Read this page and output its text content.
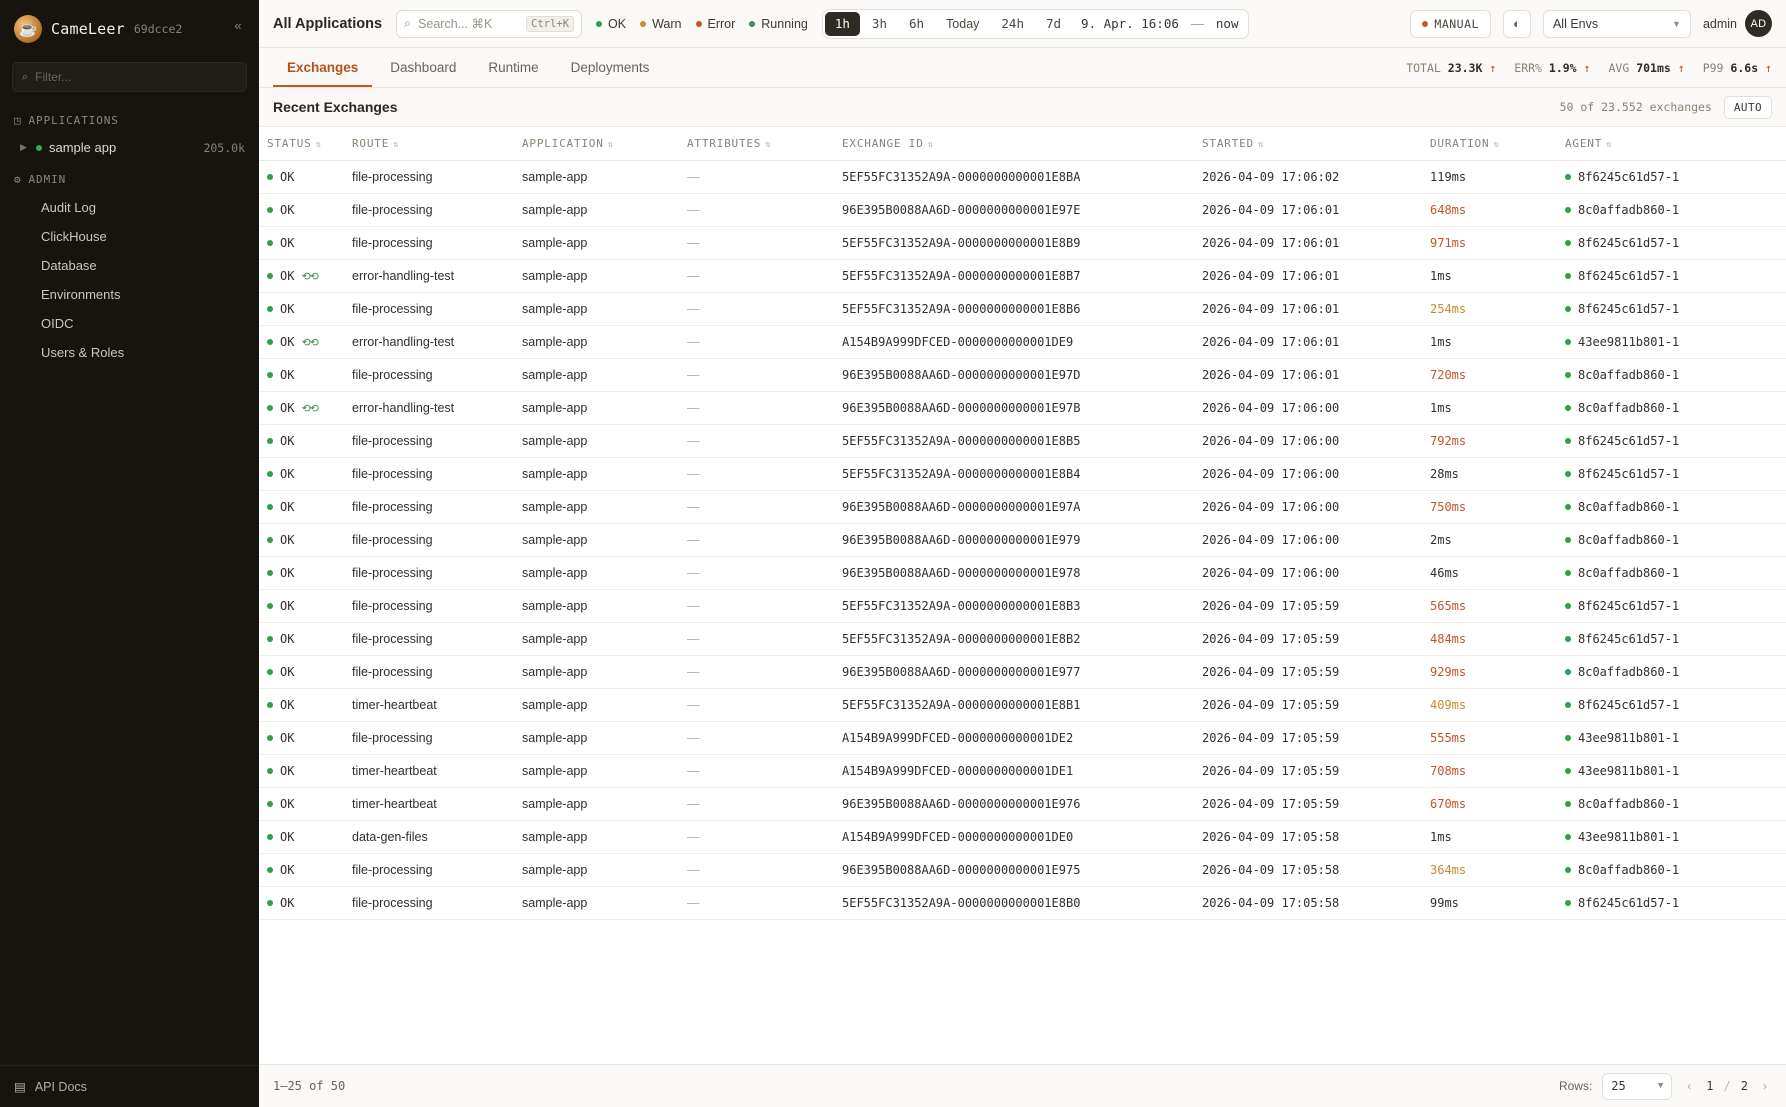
☕ CameLeer 69dcce2	«
⌕
Filter...
◳ APPLICATIONS
▶ sample app	205.0k
⚙ ADMIN
Audit Log
ClickHouse
Database
Environments
OIDC
Users & Roles
▤ API Docs
All Applications ⌕ Search... ⌘K	Ctrl+K	OK Warn Error Running	1h	3h	6h	Today	24h	7d	9. Apr. 16:06 — now	MANUAL	◐	All Envs	▼ admin	AD
Exchanges	Dashboard	Runtime	Deployments	TOTAL 23.3K ↑ ERR% 1.9% ↑ AVG 701ms ↑ P99 6.6s ↑
Recent Exchanges	50 of 23.552 exchanges	AUTO
STATUS ⇅	ROUTE ⇅	APPLICATION ⇅	ATTRIBUTES ⇅	EXCHANGE ID ⇅	STARTED ⇅	DURATION ⇅	AGENT ⇅

OK	file-processing	sample-app	—	5EF55FC31352A9A-0000000000001E8BA	2026-04-09 17:06:02	119ms	8f6245c61d57-1

OK	file-processing	sample-app	—	96E395B0088AA6D-0000000000001E97E	2026-04-09 17:06:01	648ms	8c0affadb860-1

OK	file-processing	sample-app	—	5EF55FC31352A9A-0000000000001E8B9	2026-04-09 17:06:01	971ms	8f6245c61d57-1

OK ⟲⟲	error-handling-test	sample-app	—	5EF55FC31352A9A-0000000000001E8B7	2026-04-09 17:06:01	1ms	8f6245c61d57-1

OK	file-processing	sample-app	—	5EF55FC31352A9A-0000000000001E8B6	2026-04-09 17:06:01	254ms	8f6245c61d57-1

OK ⟲⟲	error-handling-test	sample-app	—	A154B9A999DFCED-0000000000001DE9	2026-04-09 17:06:01	1ms	43ee9811b801-1

OK	file-processing	sample-app	—	96E395B0088AA6D-0000000000001E97D	2026-04-09 17:06:01	720ms	8c0affadb860-1

OK ⟲⟲	error-handling-test	sample-app	—	96E395B0088AA6D-0000000000001E97B	2026-04-09 17:06:00	1ms	8c0affadb860-1

OK	file-processing	sample-app	—	5EF55FC31352A9A-0000000000001E8B5	2026-04-09 17:06:00	792ms	8f6245c61d57-1

OK	file-processing	sample-app	—	5EF55FC31352A9A-0000000000001E8B4	2026-04-09 17:06:00	28ms	8f6245c61d57-1

OK	file-processing	sample-app	—	96E395B0088AA6D-0000000000001E97A	2026-04-09 17:06:00	750ms	8c0affadb860-1

OK	file-processing	sample-app	—	96E395B0088AA6D-0000000000001E979	2026-04-09 17:06:00	2ms	8c0affadb860-1

OK	file-processing	sample-app	—	96E395B0088AA6D-0000000000001E978	2026-04-09 17:06:00	46ms	8c0affadb860-1

OK	file-processing	sample-app	—	5EF55FC31352A9A-0000000000001E8B3	2026-04-09 17:05:59	565ms	8f6245c61d57-1

OK	file-processing	sample-app	—	5EF55FC31352A9A-0000000000001E8B2	2026-04-09 17:05:59	484ms	8f6245c61d57-1

OK	file-processing	sample-app	—	96E395B0088AA6D-0000000000001E977	2026-04-09 17:05:59	929ms	8c0affadb860-1

OK	timer-heartbeat	sample-app	—	5EF55FC31352A9A-0000000000001E8B1	2026-04-09 17:05:59	409ms	8f6245c61d57-1

OK	file-processing	sample-app	—	A154B9A999DFCED-0000000000001DE2	2026-04-09 17:05:59	555ms	43ee9811b801-1

OK	timer-heartbeat	sample-app	—	A154B9A999DFCED-0000000000001DE1	2026-04-09 17:05:59	708ms	43ee9811b801-1

OK	timer-heartbeat	sample-app	—	96E395B0088AA6D-0000000000001E976	2026-04-09 17:05:59	670ms	8c0affadb860-1

OK	data-gen-files	sample-app	—	A154B9A999DFCED-0000000000001DE0	2026-04-09 17:05:58	1ms	43ee9811b801-1

OK	file-processing	sample-app	—	96E395B0088AA6D-0000000000001E975	2026-04-09 17:05:58	364ms	8c0affadb860-1

OK	file-processing	sample-app	—	5EF55FC31352A9A-0000000000001E8B0	2026-04-09 17:05:58	99ms	8f6245c61d57-1
1–25 of 50	Rows: 25	▼	‹	1 / 2	›
